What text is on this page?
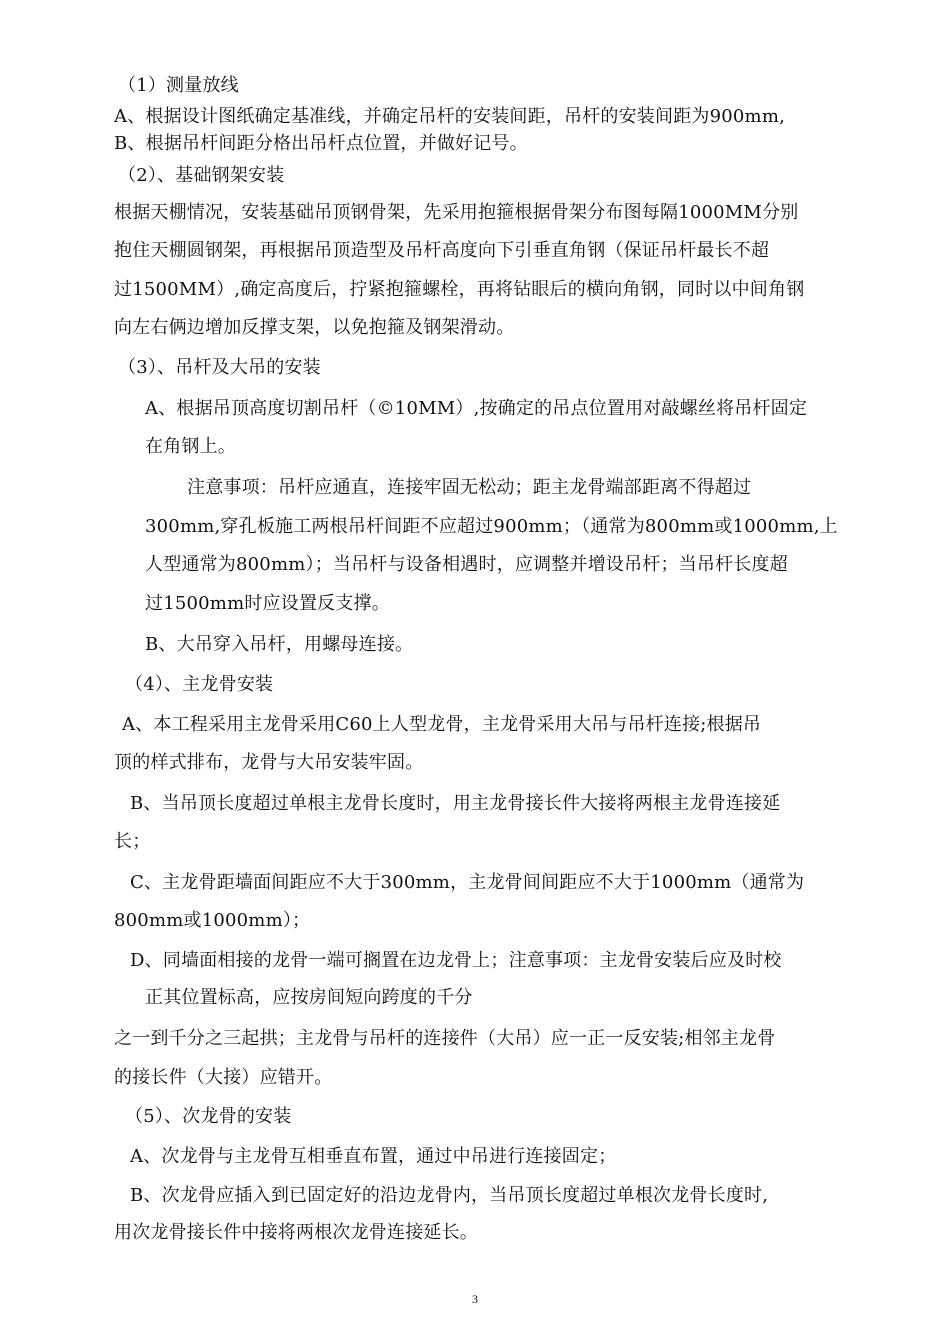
（1）测量放线
A、根据设计图纸确定基准线，并确定吊杆的安装间距，吊杆的安装间距为900mm,
B、根据吊杆间距分格出吊杆点位置，并做好记号。
（2）、基础钢架安装
根据天棚情况，安装基础吊顶钢骨架，先采用抱箍根据骨架分布图每隔1000MM分别
抱住天棚圆钢架，再根据吊顶造型及吊杆高度向下引垂直角钢（保证吊杆最长不超
过1500MM）,确定高度后，拧紧抱箍螺栓，再将钻眼后的横向角钢，同时以中间角钢
向左右俩边增加反撑支架，以免抱箍及钢架滑动。
（3）、吊杆及大吊的安装
A、根据吊顶高度切割吊杆（©10MM）,按确定的吊点位置用对敲螺丝将吊杆固定
在角钢上。
注意事项：吊杆应通直，连接牢固无松动；距主龙骨端部距离不得超过
300mm,穿孔板施工两根吊杆间距不应超过900mm；（通常为800mm或1000mm,上
人型通常为800mm）；当吊杆与设备相遇时，应调整并增设吊杆；当吊杆长度超
过1500mm时应设置反支撑。
B、大吊穿入吊杆，用螺母连接。
（4）、主龙骨安装
A、本工程采用主龙骨采用C60上人型龙骨，主龙骨采用大吊与吊杆连接;根据吊
顶的样式排布，龙骨与大吊安装牢固。
B、当吊顶长度超过单根主龙骨长度时，用主龙骨接长件大接将两根主龙骨连接延
长；
C、主龙骨距墙面间距应不大于300mm，主龙骨间间距应不大于1000mm（通常为
800mm或1000mm）；
D、同墙面相接的龙骨一端可搁置在边龙骨上；注意事项：主龙骨安装后应及时校
正其位置标高，应按房间短向跨度的千分
之一到千分之三起拱；主龙骨与吊杆的连接件（大吊）应一正一反安装;相邻主龙骨
的接长件（大接）应错开。
（5）、次龙骨的安装
A、次龙骨与主龙骨互相垂直布置，通过中吊进行连接固定；
B、次龙骨应插入到已固定好的沿边龙骨内，当吊顶长度超过单根次龙骨长度时,
用次龙骨接长件中接将两根次龙骨连接延长。
3
